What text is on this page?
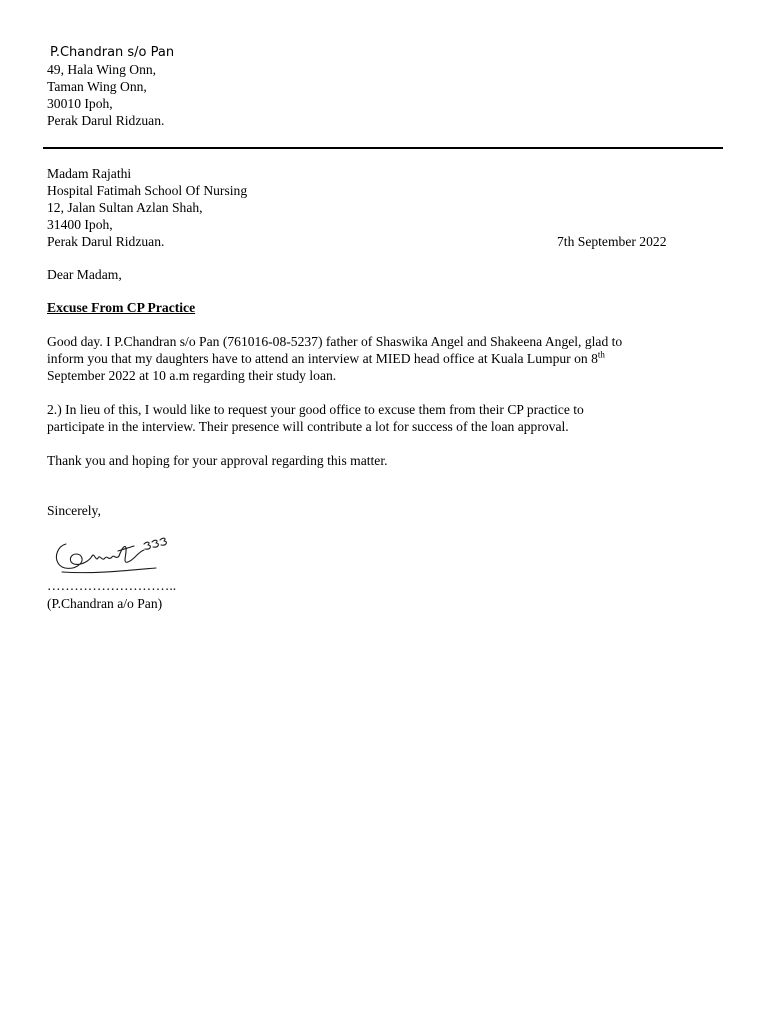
P.Chandran s/o Pan
49, Hala Wing Onn,
Taman Wing Onn,
30010 Ipoh,
Perak Darul Ridzuan.
Madam Rajathi
Hospital Fatimah School Of Nursing
12, Jalan Sultan Azlan Shah,
31400 Ipoh,
Perak Darul Ridzuan.	7th September 2022
Dear Madam,
Excuse From CP Practice
Good day. I P.Chandran s/o Pan (761016-08-5237) father of Shaswika Angel and Shakeena Angel, glad to
inform you that my daughters have to attend an interview at MIED head office at Kuala Lumpur on 8th
September 2022 at 10 a.m regarding their study loan.
2.) In lieu of this, I would like to request your good office to excuse them from their CP practice to
participate in the interview. Their presence will contribute a lot for success of the loan approval.
Thank you and hoping for your approval regarding this matter.
Sincerely,
………………………..
(P.Chandran a/o Pan)
